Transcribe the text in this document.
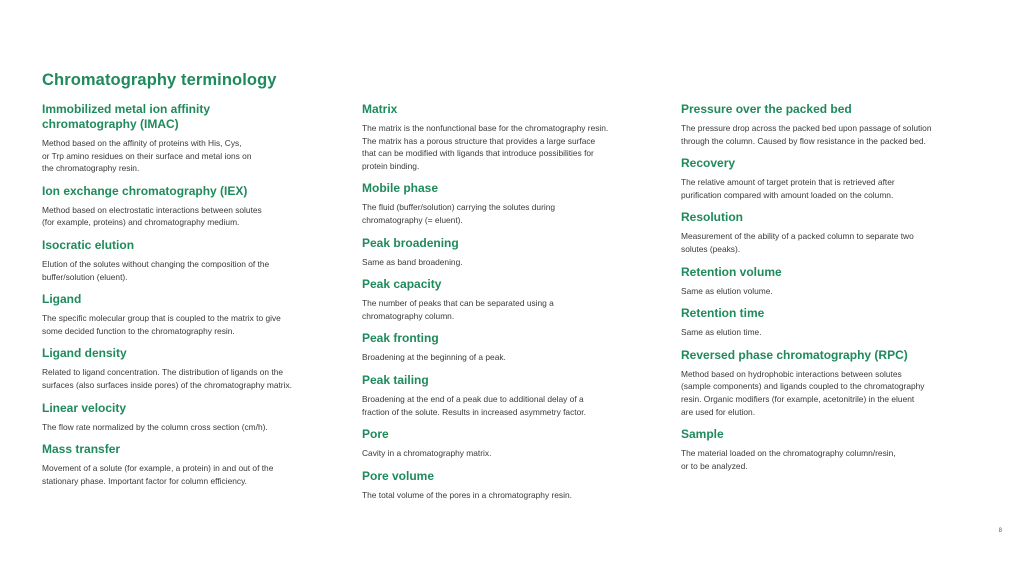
Chromatography terminology
Immobilized metal ion affinity
chromatography (IMAC)

Method based on the affinity of proteins with His, Cys,
or Trp amino residues on their surface and metal ions on
the chromatography resin.

Ion exchange chromatography (IEX)

Method based on electrostatic interactions between solutes
(for example, proteins) and chromatography medium.

Isocratic elution

Elution of the solutes without changing the composition of the
buffer/solution (eluent).

Ligand

The specific molecular group that is coupled to the matrix to give
some decided function to the chromatography resin.

Ligand density

Related to ligand concentration. The distribution of ligands on the
surfaces (also surfaces inside pores) of the chromatography matrix.

Linear velocity

The flow rate normalized by the column cross section (cm/h).

Mass transfer

Movement of a solute (for example, a protein) in and out of the
stationary phase. Important factor for column efficiency.

Matrix

The matrix is the nonfunctional base for the chromatography resin.
The matrix has a porous structure that provides a large surface
that can be modified with ligands that introduce possibilities for
protein binding.

Mobile phase

The fluid (buffer/solution) carrying the solutes during
chromatography (= eluent).

Peak broadening

Same as band broadening.

Peak capacity

The number of peaks that can be separated using a
chromatography column.

Peak fronting

Broadening at the beginning of a peak.

Peak tailing

Broadening at the end of a peak due to additional delay of a
fraction of the solute. Results in increased asymmetry factor.

Pore

Cavity in a chromatography matrix.

Pore volume

The total volume of the pores in a chromatography resin.

Pressure over the packed bed

The pressure drop across the packed bed upon passage of solution
through the column. Caused by flow resistance in the packed bed.

Recovery

The relative amount of target protein that is retrieved after
purification compared with amount loaded on the column.

Resolution

Measurement of the ability of a packed column to separate two
solutes (peaks).

Retention volume

Same as elution volume.

Retention time

Same as elution time.

Reversed phase chromatography (RPC)

Method based on hydrophobic interactions between solutes
(sample components) and ligands coupled to the chromatography
resin. Organic modifiers (for example, acetonitrile) in the eluent
are used for elution.

Sample

The material loaded on the chromatography column/resin,
or to be analyzed.

8
